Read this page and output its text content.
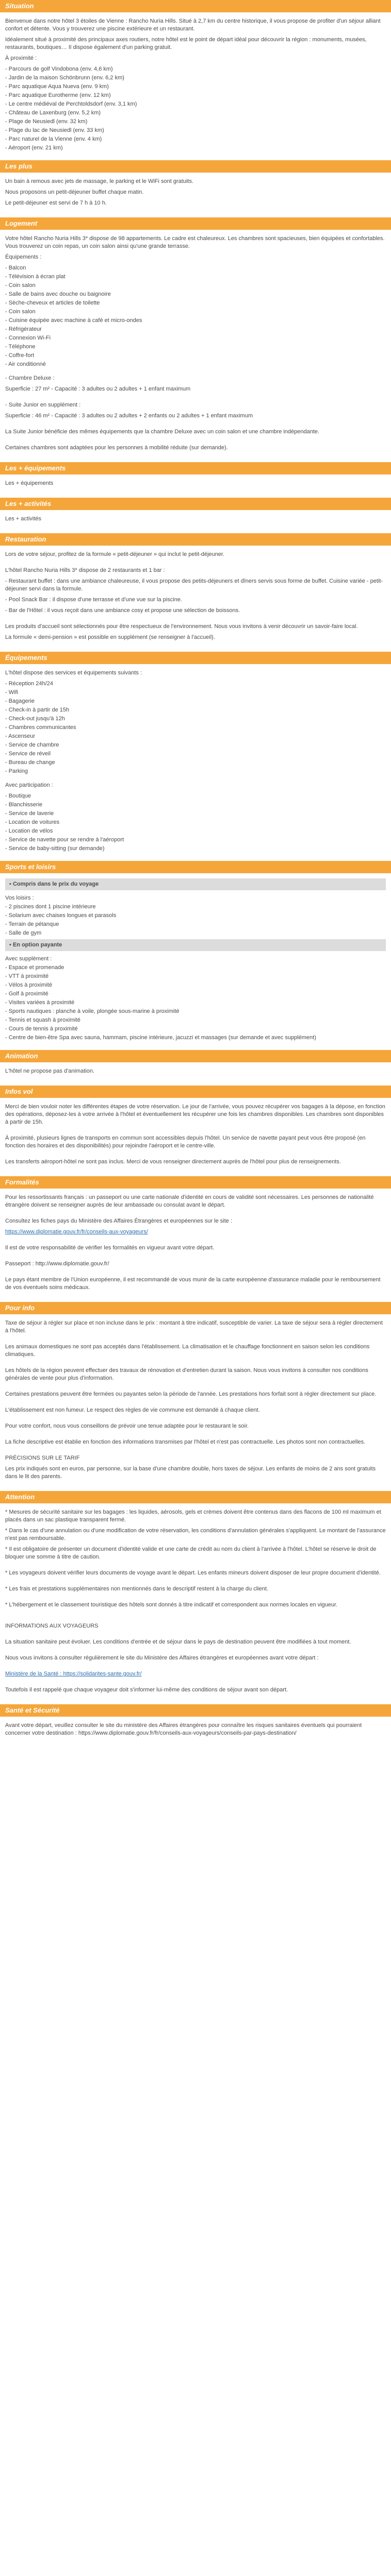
Situation

Bienvenue dans notre hôtel 3 étoiles de Vienne : Rancho Nuria Hills. Situé à 2,7 km du centre historique, il vous propose de profiter d'un séjour alliant confort et détente. Vous y trouverez une piscine extérieure et un restaurant.

Idéalement situé à proximité des principaux axes routiers, notre hôtel est le point de départ idéal pour découvrir la région : monuments, musées, restaurants, boutiques… Il dispose également d'un parking gratuit.

À proximité :

- Parcours de golf Vindobona (env. 4,6 km)
- Jardin de la maison Schönbrunn (env. 6,2 km)
- Parc aquatique Aqua Nueva (env. 9 km)
- Parc aquatique Eurotherme (env. 12 km)
- Le centre médiéval de Perchtoldsdorf (env. 3,1 km)
- Château de Laxenburg (env. 5,2 km)
- Plage de Neusiedl (env. 32 km)
- Plage du lac de Neusiedl (env. 33 km)
- Parc naturel de la Vienne (env. 4 km)
- Aéroport (env. 21 km)
Les plus

Un bain à remous avec jets de massage, le parking et le WiFi sont gratuits.

Nous proposons un petit-déjeuner buffet chaque matin.

Le petit-déjeuner est servi de 7 h à 10 h.

Logement

Votre hôtel Rancho Nuria Hills 3* dispose de 98 appartements. Le cadre est chaleureux. Les chambres sont spacieuses, bien équipées et confortables. Vous trouverez un coin repas, un coin salon ainsi qu'une grande terrasse.

Équipements :

- Balcon
- Télévision à écran plat
- Coin salon
- Salle de bains avec douche ou baignoire
- Sèche-cheveux et articles de toilette
- Coin salon
- Cuisine équipée avec machine à café et micro-ondes
- Réfrigérateur
- Connexion Wi-Fi
- Téléphone
- Coffre-fort
- Air conditionné

- Chambre Deluxe :

Superficie : 27 m² - Capacité : 3 adultes ou 2 adultes + 1 enfant maximum

- Suite Junior en supplément :

Superficie : 46 m² - Capacité : 3 adultes ou 2 adultes + 2 enfants ou 2 adultes + 1 enfant maximum

La Suite Junior bénéficie des mêmes équipements que la chambre Deluxe avec un coin salon et une chambre indépendante.

Certaines chambres sont adaptées pour les personnes à mobilité réduite (sur demande).

Les + équipements

Les + équipements

Les + activités

Les + activités

Restauration

Lors de votre séjour, profitez de la formule « petit-déjeuner » qui inclut le petit-déjeuner.

L'hôtel Rancho Nuria Hills 3* dispose de 2 restaurants et 1 bar :

- Restaurant buffet : dans une ambiance chaleureuse, il vous propose des petits-déjeuners et dîners servis sous forme de buffet. Cuisine variée - petit-déjeuner servi dans la formule.

- Pool Snack Bar : il dispose d'une terrasse et d'une vue sur la piscine.

- Bar de l'Hôtel : il vous reçoit dans une ambiance cosy et propose une sélection de boissons.

Les produits d'accueil sont sélectionnés pour être respectueux de l'environnement. Nous vous invitons à venir découvrir un savoir-faire local.

La formule « demi-pension » est possible en supplément (se renseigner à l'accueil).

Équipements

L'hôtel dispose des services et équipements suivants :

- Réception 24h/24
- Wifi
- Bagagerie
- Check-in à partir de 15h
- Check-out jusqu'à 12h
- Chambres communicantes
- Ascenseur
- Service de chambre
- Service de réveil
- Bureau de change
- Parking

Avec participation :

- Boutique
- Blanchisserie
- Service de laverie
- Location de voitures
- Location de vélos
- Service de navette pour se rendre à l'aéroport
- Service de baby-sitting (sur demande)
Sports et loisirs
▪ Compris dans le prix du voyage
Vos loisirs :
- 2 piscines dont 1 piscine intérieure
- Solarium avec chaises longues et parasols
- Terrain de pétanque
- Salle de gym
▪ En option payante
Avec supplément :
- Espace et promenade
- VTT à proximité
- Vélos à proximité
- Golf à proximité
- Visites variées à proximité
- Sports nautiques : planche à voile, plongée sous-marine à proximité
- Tennis et squash à proximité
- Cours de tennis à proximité
- Centre de bien-être Spa avec sauna, hammam, piscine intérieure, jacuzzi et massages (sur demande et avec supplément)
Animation

L'hôtel ne propose pas d'animation.

Infos vol

Merci de bien vouloir noter les différentes étapes de votre réservation. Le jour de l'arrivée, vous pouvez récupérer vos bagages à la dépose, en fonction des opérations, déposez-les à votre arrivée à l'hôtel et éventuellement les récupérer une fois les chambres disponibles. Les chambres sont disponibles à partir de 15h.

À proximité, plusieurs lignes de transports en commun sont accessibles depuis l'hôtel. Un service de navette payant peut vous être proposé (en fonction des horaires et des disponibilités) pour rejoindre l'aéroport et le centre-ville.

Les transferts aéroport-hôtel ne sont pas inclus. Merci de vous renseigner directement auprès de l'hôtel pour plus de renseignements.

Formalités

Pour les ressortissants français : un passeport ou une carte nationale d'identité en cours de validité sont nécessaires. Les personnes de nationalité étrangère doivent se renseigner auprès de leur ambassade ou consulat avant le départ.

Consultez les fiches pays du Ministère des Affaires Étrangères et européennes sur le site :

https://www.diplomatie.gouv.fr/fr/conseils-aux-voyageurs/

Il est de votre responsabilité de vérifier les formalités en vigueur avant votre départ.

Passeport : http://www.diplomatie.gouv.fr/

Le pays étant membre de l'Union européenne, il est recommandé de vous munir de la carte européenne d'assurance maladie pour le remboursement de vos éventuels soins médicaux.

Pour info

Taxe de séjour à régler sur place et non incluse dans le prix : montant à titre indicatif, susceptible de varier. La taxe de séjour sera à régler directement à l'hôtel.

Les animaux domestiques ne sont pas acceptés dans l'établissement. La climatisation et le chauffage fonctionnent en saison selon les conditions climatiques.

Les hôtels de la région peuvent effectuer des travaux de rénovation et d'entretien durant la saison. Nous vous invitons à consulter nos conditions générales de vente pour plus d'information.

Certaines prestations peuvent être fermées ou payantes selon la période de l'année. Les prestations hors forfait sont à régler directement sur place.

L'établissement est non fumeur. Le respect des règles de vie commune est demandé à chaque client.

Pour votre confort, nous vous conseillons de prévoir une tenue adaptée pour le restaurant le soir.

La fiche descriptive est établie en fonction des informations transmises par l'hôtel et n'est pas contractuelle. Les photos sont non contractuelles.

PRÉCISIONS SUR LE TARIF

Les prix indiqués sont en euros, par personne, sur la base d'une chambre double, hors taxes de séjour. Les enfants de moins de 2 ans sont gratuits dans le lit des parents.

Attention

* Mesures de sécurité sanitaire sur les bagages : les liquides, aérosols, gels et crèmes doivent être contenus dans des flacons de 100 ml maximum et placés dans un sac plastique transparent fermé.

* Dans le cas d'une annulation ou d'une modification de votre réservation, les conditions d'annulation générales s'appliquent. Le montant de l'assurance n'est pas remboursable.

* Il est obligatoire de présenter un document d'identité valide et une carte de crédit au nom du client à l'arrivée à l'hôtel. L'hôtel se réserve le droit de bloquer une somme à titre de caution.

* Les voyageurs doivent vérifier leurs documents de voyage avant le départ. Les enfants mineurs doivent disposer de leur propre document d'identité.

* Les frais et prestations supplémentaires non mentionnés dans le descriptif restent à la charge du client.

* L'hébergement et le classement touristique des hôtels sont donnés à titre indicatif et correspondent aux normes locales en vigueur.

INFORMATIONS AUX VOYAGEURS

La situation sanitaire peut évoluer. Les conditions d'entrée et de séjour dans le pays de destination peuvent être modifiées à tout moment.

Nous vous invitons à consulter régulièrement le site du Ministère des Affaires étrangères et européennes avant votre départ :

Ministère de la Santé : https://solidarites-sante.gouv.fr/

Toutefois il est rappelé que chaque voyageur doit s'informer lui-même des conditions de séjour avant son départ.

Santé et Sécurité

Avant votre départ, veuillez consulter le site du ministère des Affaires étrangères pour connaître les risques sanitaires éventuels qui pourraient concerner votre destination : https://www.diplomatie.gouv.fr/fr/conseils-aux-voyageurs/conseils-par-pays-destination/
